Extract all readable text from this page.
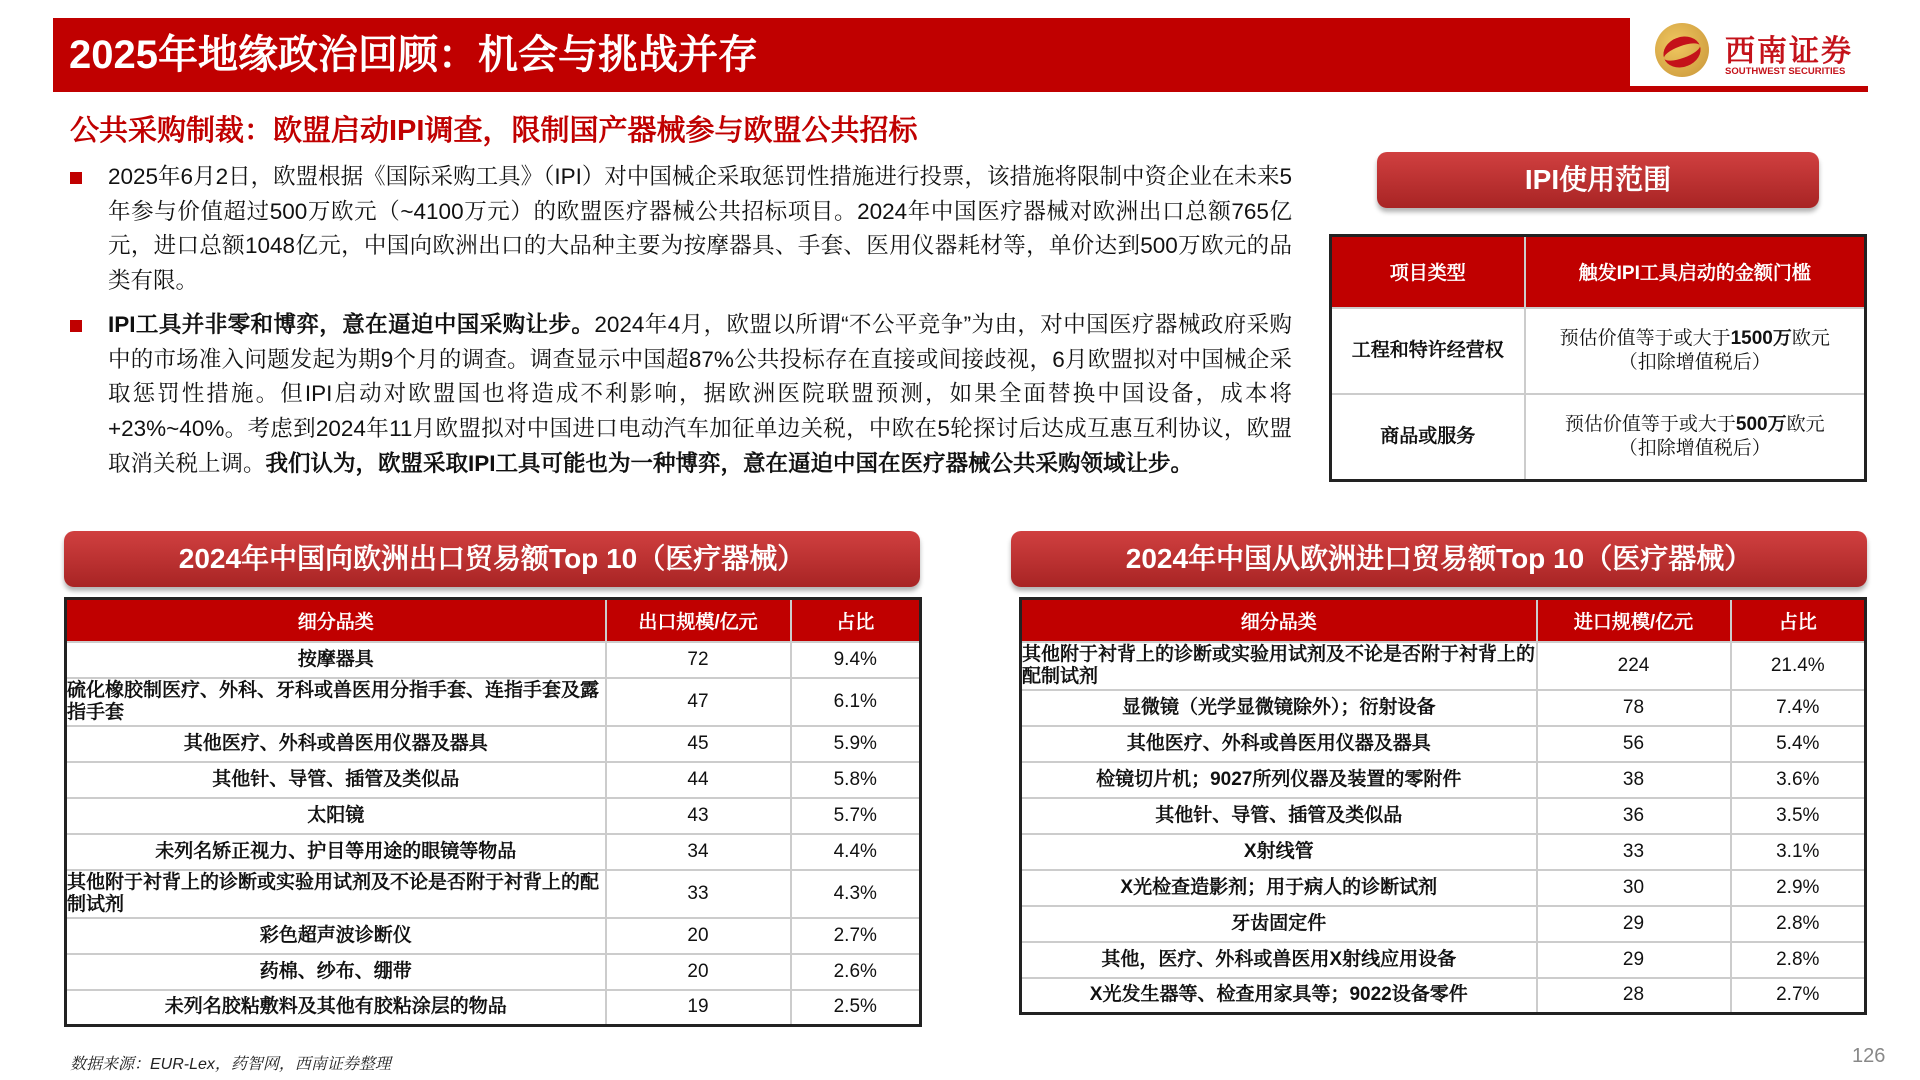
2025年地缘政治回顾：机会与挑战并存	西南证券
SOUTHWEST SECURITIES
公共采购制裁：欧盟启动IPI调查，限制国产器械参与欧盟公共招标

2025年6月2日，欧盟根据《国际采购工具》（IPI）对中国械企采取惩罚性措施进行投票，该措施将限制中资企业在未来5年参与价值超过500万欧元（~4100万元）的欧盟医疗器械公共招标项目。2024年中国医疗器械对欧洲出口总额765亿元，进口总额1048亿元，中国向欧洲出口的大品种主要为按摩器具、手套、医用仪器耗材等，单价达到500万欧元的品类有限。

IPI工具并非零和博弈，意在逼迫中国采购让步。2024年4月，欧盟以所谓“不公平竞争”为由，对中国医疗器械政府采购中的市场准入问题发起为期9个月的调查。调查显示中国超87%公共投标存在直接或间接歧视，6月欧盟拟对中国械企采取惩罚性措施。但IPI启动对欧盟国也将造成不利影响，据欧洲医院联盟预测，如果全面替换中国设备，成本将+23%~40%。考虑到2024年11月欧盟拟对中国进口电动汽车加征单边关税，中欧在5轮探讨后达成互惠互利协议，欧盟取消关税上调。我们认为，欧盟采取IPI工具可能也为一种博弈，意在逼迫中国在医疗器械公共采购领域让步。

IPI使用范围
项目类型	触发IPI工具启动的金额门槛
工程和特许经营权	预估价值等于或大于1500万欧元
（扣除增值税后）
商品或服务	预估价值等于或大于500万欧元
（扣除增值税后）
2024年中国向欧洲出口贸易额Top 10（医疗器械）
细分品类	出口规模/亿元	占比
按摩器具	72	9.4%
硫化橡胶制医疗、外科、牙科或兽医用分指手套、连指手套及露指手套	47	6.1%
其他医疗、外科或兽医用仪器及器具	45	5.9%
其他针、导管、插管及类似品	44	5.8%
太阳镜	43	5.7%
未列名矫正视力、护目等用途的眼镜等物品	34	4.4%
其他附于衬背上的诊断或实验用试剂及不论是否附于衬背上的配制试剂	33	4.3%
彩色超声波诊断仪	20	2.7%
药棉、纱布、绷带	20	2.6%
未列名胶粘敷料及其他有胶粘涂层的物品	19	2.5%
2024年中国从欧洲进口贸易额Top 10（医疗器械）
细分品类	进口规模/亿元	占比
其他附于衬背上的诊断或实验用试剂及不论是否附于衬背上的配制试剂	224	21.4%
显微镜（光学显微镜除外）；衍射设备	78	7.4%
其他医疗、外科或兽医用仪器及器具	56	5.4%
检镜切片机；9027所列仪器及装置的零附件	38	3.6%
其他针、导管、插管及类似品	36	3.5%
X射线管	33	3.1%
X光检查造影剂；用于病人的诊断试剂	30	2.9%
牙齿固定件	29	2.8%
其他，医疗、外科或兽医用X射线应用设备	29	2.8%
X光发生器等、检查用家具等；9022设备零件	28	2.7%
数据来源：EUR-Lex，药智网，西南证券整理	126
